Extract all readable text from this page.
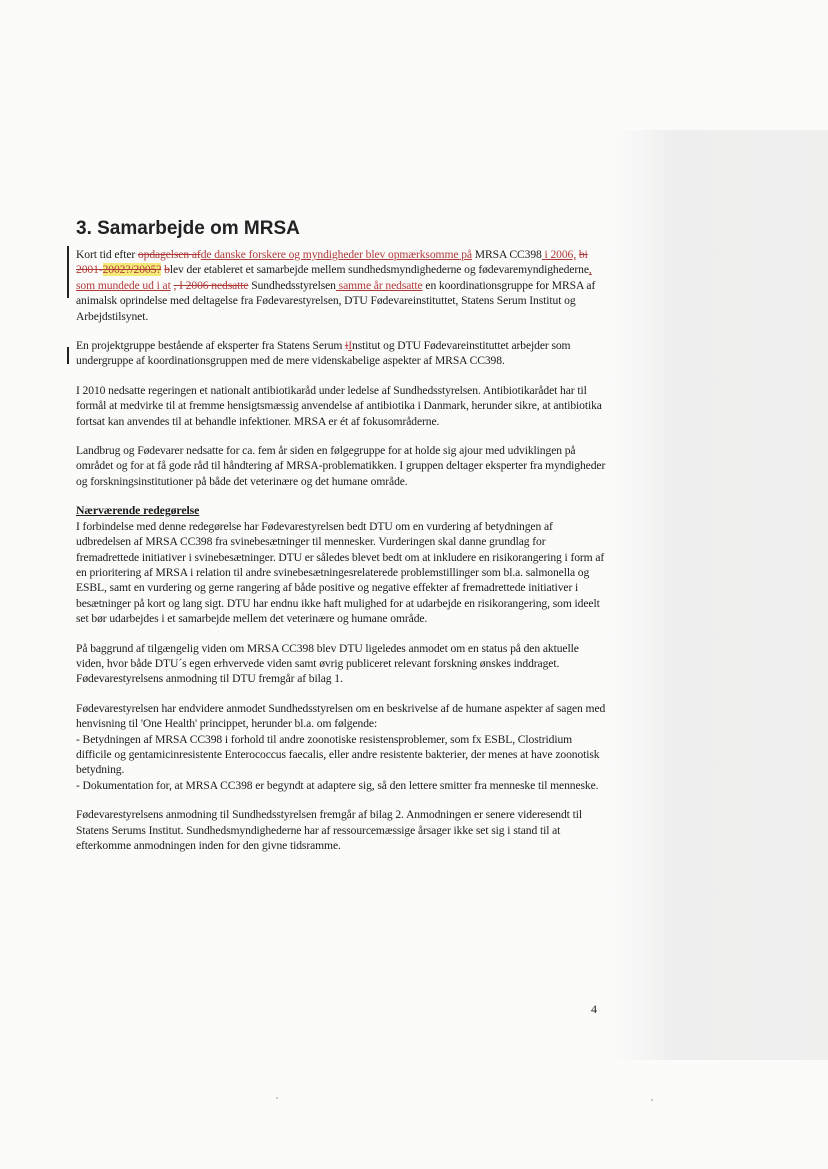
3. Samarbejde om MRSA

Kort tid efter opdagelsen afde danske forskere og myndigheder blev opmærksomme på MRSA CC398 i 2006, bi 2001-2002?/2005? blev der etableret et samarbejde mellem sundhedsmyndighederne og fødevaremyndighederne, som mundede ud i at , I 2006 nedsatte Sundhedsstyrelsen samme år nedsatte en koordinationsgruppe for MRSA af animalsk oprindelse med deltagelse fra Fødevarestyrelsen, DTU Fødevareinstituttet, Statens Serum Institut og Arbejdstilsynet.

En projektgruppe bestående af eksperter fra Statens Serum iInstitut og DTU Fødevareinstituttet arbejder som undergruppe af koordinationsgruppen med de mere videnskabelige aspekter af MRSA CC398.

I 2010 nedsatte regeringen et nationalt antibiotikaråd under ledelse af Sundhedsstyrelsen. Antibiotikarådet har til formål at medvirke til at fremme hensigtsmæssig anvendelse af antibiotika i Danmark, herunder sikre, at antibiotika fortsat kan anvendes til at behandle infektioner. MRSA er ét af fokusområderne.

Landbrug og Fødevarer nedsatte for ca. fem år siden en følgegruppe for at holde sig ajour med udviklingen på området og for at få gode råd til håndtering af MRSA-problematikken. I gruppen deltager eksperter fra myndigheder og forskningsinstitutioner på både det veterinære og det humane område.

Nærværende redegørelse

I forbindelse med denne redegørelse har Fødevarestyrelsen bedt DTU om en vurdering af betydningen af udbredelsen af MRSA CC398 fra svinebesætninger til mennesker. Vurderingen skal danne grundlag for fremadrettede initiativer i svinebesætninger. DTU er således blevet bedt om at inkludere en risikorangering i form af en prioritering af MRSA i relation til andre svinebesætningesrelaterede problemstillinger som bl.a. salmonella og ESBL, samt en vurdering og gerne rangering af både positive og negative effekter af fremadrettede initiativer i besætninger på kort og lang sigt. DTU har endnu ikke haft mulighed for at udarbejde en risikorangering, som ideelt set bør udarbejdes i et samarbejde mellem det veterinære og humane område.

På baggrund af tilgængelig viden om MRSA CC398 blev DTU ligeledes anmodet om en status på den aktuelle viden, hvor både DTU´s egen erhvervede viden samt øvrig publiceret relevant forskning ønskes inddraget. Fødevarestyrelsens anmodning til DTU fremgår af bilag 1.

Fødevarestyrelsen har endvidere anmodet Sundhedsstyrelsen om en beskrivelse af de humane aspekter af sagen med henvisning til 'One Health' princippet, herunder bl.a. om følgende:

- Betydningen af MRSA CC398 i forhold til andre zoonotiske resistensproblemer, som fx ESBL, Clostridium difficile og gentamicinresistente Enterococcus faecalis, eller andre resistente bakterier, der menes at have zoonotisk betydning.

- Dokumentation for, at MRSA CC398 er begyndt at adaptere sig, så den lettere smitter fra menneske til menneske.

Fødevarestyrelsens anmodning til Sundhedsstyrelsen fremgår af bilag 2. Anmodningen er senere videresendt til Statens Serums Institut. Sundhedsmyndighederne har af ressourcemæssige årsager ikke set sig i stand til at efterkomme anmodningen inden for den givne tidsramme.

4
